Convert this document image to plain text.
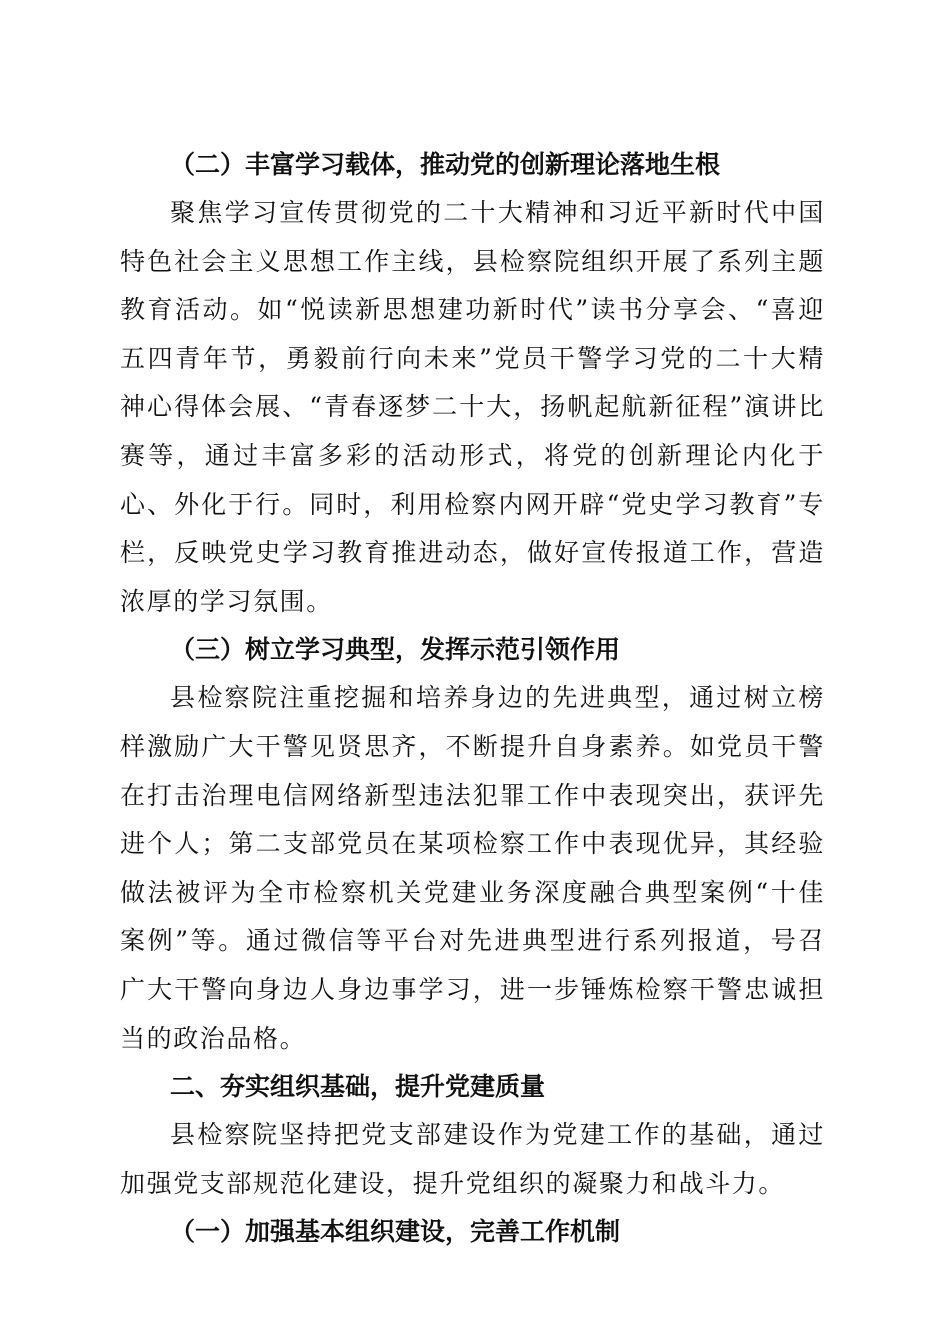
（二）丰富学习载体，推动党的创新理论落地生根

聚焦学习宣传贯彻党的二十大精神和习近平新时代中国特色社会主义思想工作主线，县检察院组织开展了系列主题教育活动。如“悦读新思想建功新时代”读书分享会、“喜迎五四青年节，勇毅前行向未来”党员干警学习党的二十大精神心得体会展、“青春逐梦二十大，扬帆起航新征程”演讲比赛等，通过丰富多彩的活动形式，将党的创新理论内化于心、外化于行。同时，利用检察内网开辟“党史学习教育”专栏，反映党史学习教育推进动态，做好宣传报道工作，营造浓厚的学习氛围。

（三）树立学习典型，发挥示范引领作用

县检察院注重挖掘和培养身边的先进典型，通过树立榜样激励广大干警见贤思齐，不断提升自身素养。如党员干警在打击治理电信网络新型违法犯罪工作中表现突出，获评先进个人；第二支部党员在某项检察工作中表现优异，其经验做法被评为全市检察机关党建业务深度融合典型案例“十佳案例”等。通过微信等平台对先进典型进行系列报道，号召广大干警向身边人身边事学习，进一步锤炼检察干警忠诚担当的政治品格。

二、夯实组织基础，提升党建质量

县检察院坚持把党支部建设作为党建工作的基础，通过加强党支部规范化建设，提升党组织的凝聚力和战斗力。

（一）加强基本组织建设，完善工作机制
